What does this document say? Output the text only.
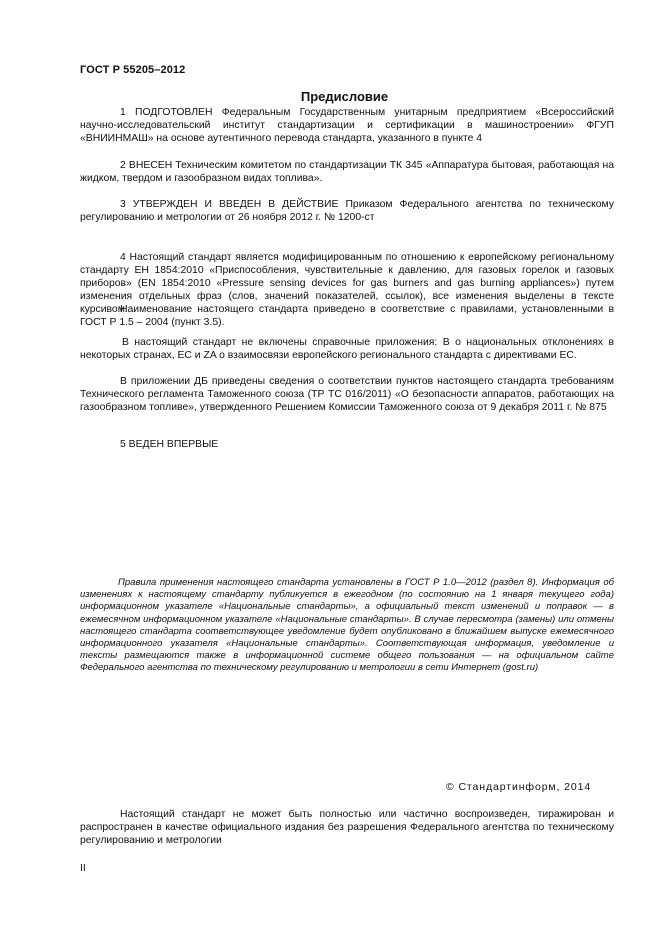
ГОСТ Р 55205–2012
Предисловие

1 ПОДГОТОВЛЕН Федеральным Государственным унитарным предприятием «Всероссийский научно-исследовательский институт стандартизации и сертификации в машиностроении» ФГУП «ВНИИНМАШ» на основе аутентичного перевода стандарта, указанного в пункте 4

2 ВНЕСЕН Техническим комитетом по стандартизации ТК 345 «Аппаратура бытовая, работающая на жидком, твердом и газообразном видах топлива».

3 УТВЕРЖДЕН И ВВЕДЕН В ДЕЙСТВИЕ Приказом Федерального агентства по техническому регулированию и метрологии от 26 ноября 2012 г. № 1200-ст

4 Настоящий стандарт является модифицированным по отношению к европейскому региональному стандарту ЕН 1854:2010 «Приспособления, чувствительные к давлению, для газовых горелок и газовых приборов» (EN 1854:2010 «Pressure sensing devices for gas burners and gas burning appliances») путем изменения отдельных фраз (слов, значений показателей, ссылок), все изменения выделены в тексте курсивом.

Наименование настоящего стандарта приведено в соответствие с правилами, установленными в ГОСТ Р 1.5 – 2004 (пункт 3.5).

В настоящий стандарт не включены справочные приложения: В о национальных отклонениях в некоторых странах, ЕС и ZA о взаимосвязи европейского регионального стандарта с директивами ЕС.

В приложении ДБ приведены сведения о соответствии пунктов настоящего стандарта требованиям Технического регламента Таможенного союза (ТР ТС 016/2011) «О безопасности аппаратов, работающих на газообразном топливе», утвержденного Решением Комиссии Таможенного союза от 9 декабря 2011 г. № 875

5 ВЕДЕН ВПЕРВЫЕ

Правила применения настоящего стандарта установлены в ГОСТ Р 1.0—2012 (раздел 8). Информация об изменениях к настоящему стандарту публикуется в ежегодном (по состоянию на 1 января текущего года) информационном указателе «Национальные стандарты», а официальный текст изменений и поправок — в ежемесячном информационном указателе «Национальные стандарты». В случае пересмотра (замены) или отмены настоящего стандарта соответствующее уведомление будет опубликовано в ближайшем выпуске ежемесячного информационного указателя «Национальные стандарты». Соответствующая информация, уведомление и тексты размещаются также в информационной системе общего пользования — на официальном сайте Федерального агентства по техническому регулированию и метрологии в сети Интернет (gost.ru)

© Стандартинформ, 2014

Настоящий стандарт не может быть полностью или частично воспроизведен, тиражирован и распространен в качестве официального издания без разрешения Федерального агентства по техническому регулированию и метрологии

II
